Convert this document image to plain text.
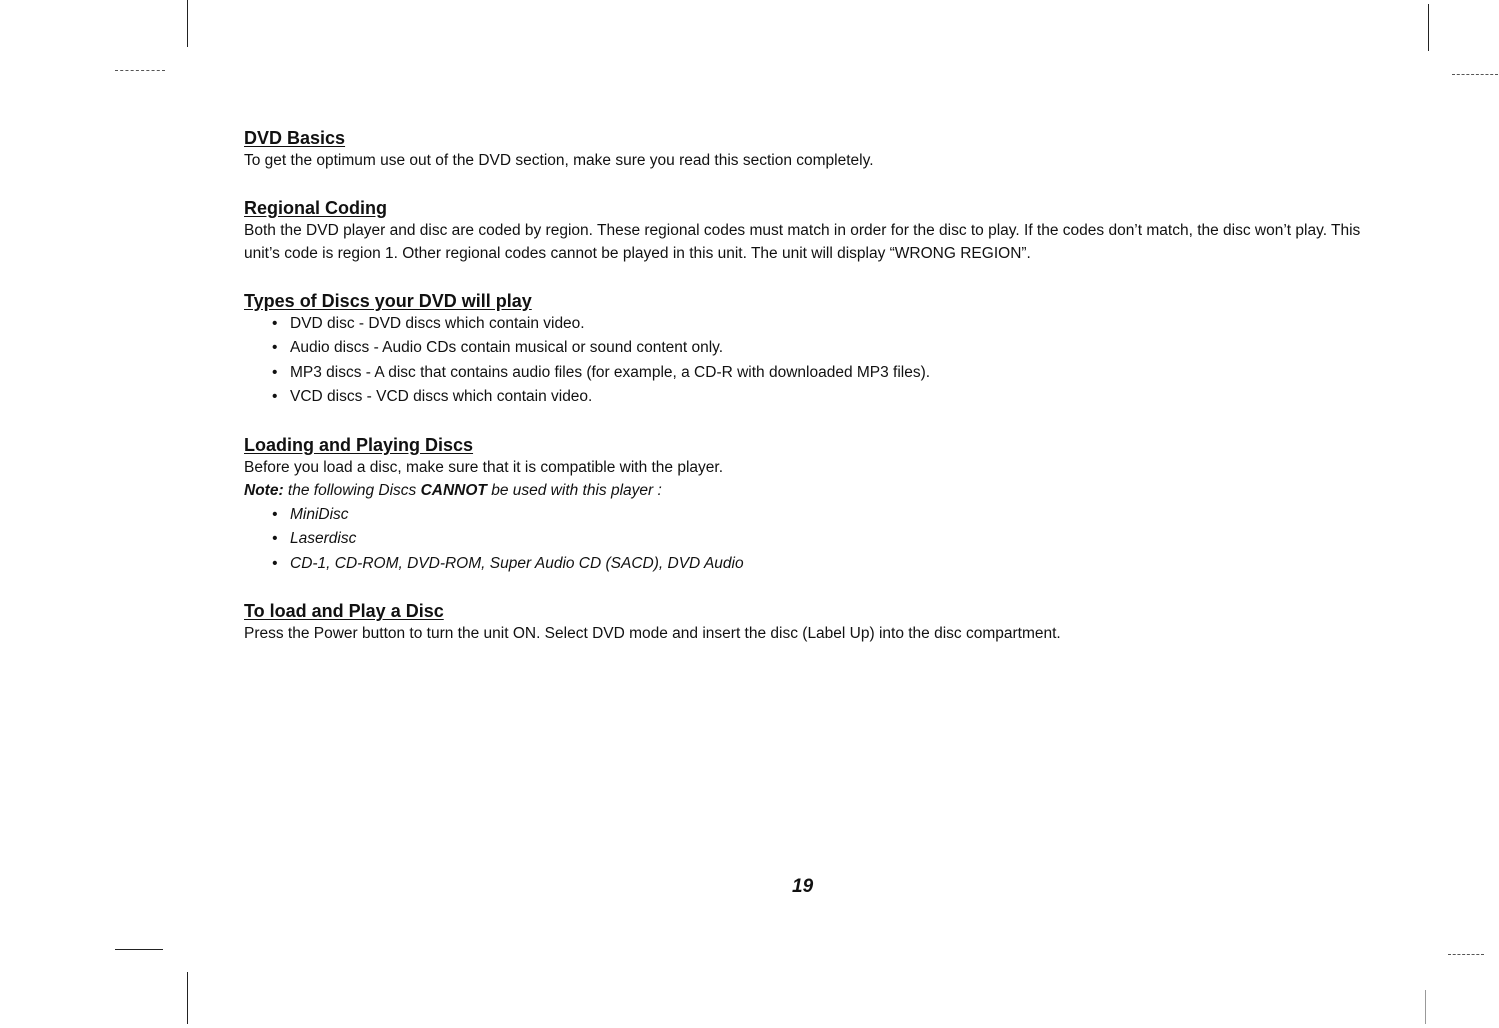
DVD Basics

To get the optimum use out of the DVD section, make sure you read this section completely.

Regional Coding

Both the DVD player and disc are coded by region. These regional codes must match in order for the disc to play. If the codes don’t match, the disc won’t play. This unit’s code is region 1. Other regional codes cannot be played in this unit. The unit will display “WRONG REGION”.

Types of Discs your DVD will play
• DVD disc - DVD discs which contain video.
• Audio discs - Audio CDs contain musical or sound content only.
• MP3 discs - A disc that contains audio files (for example, a CD-R with downloaded MP3 files).
• VCD discs - VCD discs which contain video.
Loading and Playing Discs

Before you load a disc, make sure that it is compatible with the player.

Note: the following Discs CANNOT be used with this player :

• MiniDisc
• Laserdisc
• CD-1, CD-ROM, DVD-ROM, Super Audio CD (SACD), DVD Audio
To load and Play a Disc

Press the Power button to turn the unit ON. Select DVD mode and insert the disc (Label Up) into the disc compartment.

19
